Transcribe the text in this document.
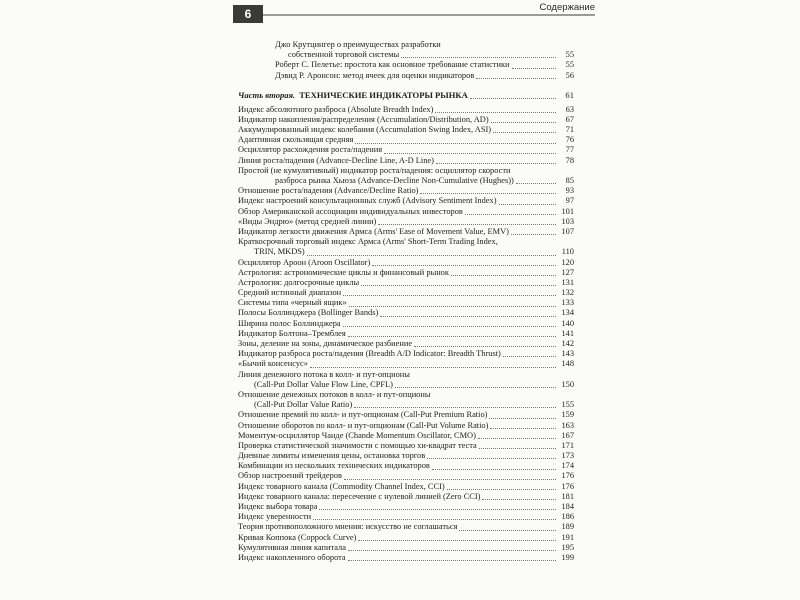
6	Содержание
Джо Крутцингер о преимуществах разработки
собственной торговой системы	55
Роберт С. Пелетье: простота как основное требование статистики	55
Дэвид Р. Аронсон: метод ячеек для оценки индикаторов	56
Часть вторая. ТЕХНИЧЕСКИЕ ИНДИКАТОРЫ РЫНКА	61
Индекс абсолютного разброса (Absolute Breadth Index)	63
Индикатор накопления/распределения (Accumulation/Distribution, AD)	67
Аккумулированный индекс колебания (Accumulation Swing Index, ASI)	71
Адаптивная скользящая средняя	76
Осциллятор расхождения роста/падения	77
Линия роста/падения (Advance-Decline Line, A-D Line)	78
Простой (не кумулятивный) индикатор роста/падения: осциллятор скорости
разброса рынка Хьюза (Advance-Decline Non-Cumulative (Hughes))	85
Отношение роста/падения (Advance/Decline Ratio)	93
Индекс настроений консультационных служб (Advisory Sentiment Index)	97
Обзор Американской ассоциации индивидуальных инвесторов	101
«Виды Эндрю» (метод средней линии)	103
Индикатор легкости движения Армса (Arms' Ease of Movement Value, EMV)	107
Краткосрочный торговый индекс Армса (Arms' Short-Term Trading Index,
TRIN, MKDS)	110
Осциллятор Ароон (Aroon Oscillator)	120
Астрология: астрономические циклы и финансовый рынок	127
Астрология: долгосрочные циклы	131
Средний истинный диапазон	132
Системы типа «черный ящик»	133
Полосы Боллинджера (Bollinger Bands)	134
Ширина полос Боллинджера	140
Индикатор Болтона–Тремблея	141
Зоны, деление на зоны, динамическое разбиение	142
Индикатор разброса роста/падения (Breadth A/D Indicator: Breadth Thrust)	143
«Бычий консенсус»	148
Линия денежного потока в колл- и пут-опционы
(Call-Put Dollar Value Flow Line, CPFL)	150
Отношение денежных потоков в колл- и пут-опционы
(Call-Put Dollar Value Ratio)	155
Отношение премий по колл- и пут-опционам (Call-Put Premium Ratio)	159
Отношение оборотов по колл- и пут-опционам (Call-Put Volume Ratio)	163
Моментум-осциллятор Чанде (Chande Momentum Oscillator, CMO)	167
Проверка статистической значимости с помощью хи-квадрат теста	171
Дневные лимиты изменения цены, остановка торгов	173
Комбинации из нескольких технических индикаторов	174
Обзор настроений трейдеров	176
Индекс товарного канала (Commodity Channel Index, CCI)	176
Индекс товарного канала: пересечение с нулевой линией (Zero CCI)	181
Индекс выбора товара	184
Индекс уверенности	186
Теория противоположного мнения: искусство не соглашаться	189
Кривая Коппока (Coppock Curve)	191
Кумулятивная линия капитала	195
Индекс накопленного оборота	199
